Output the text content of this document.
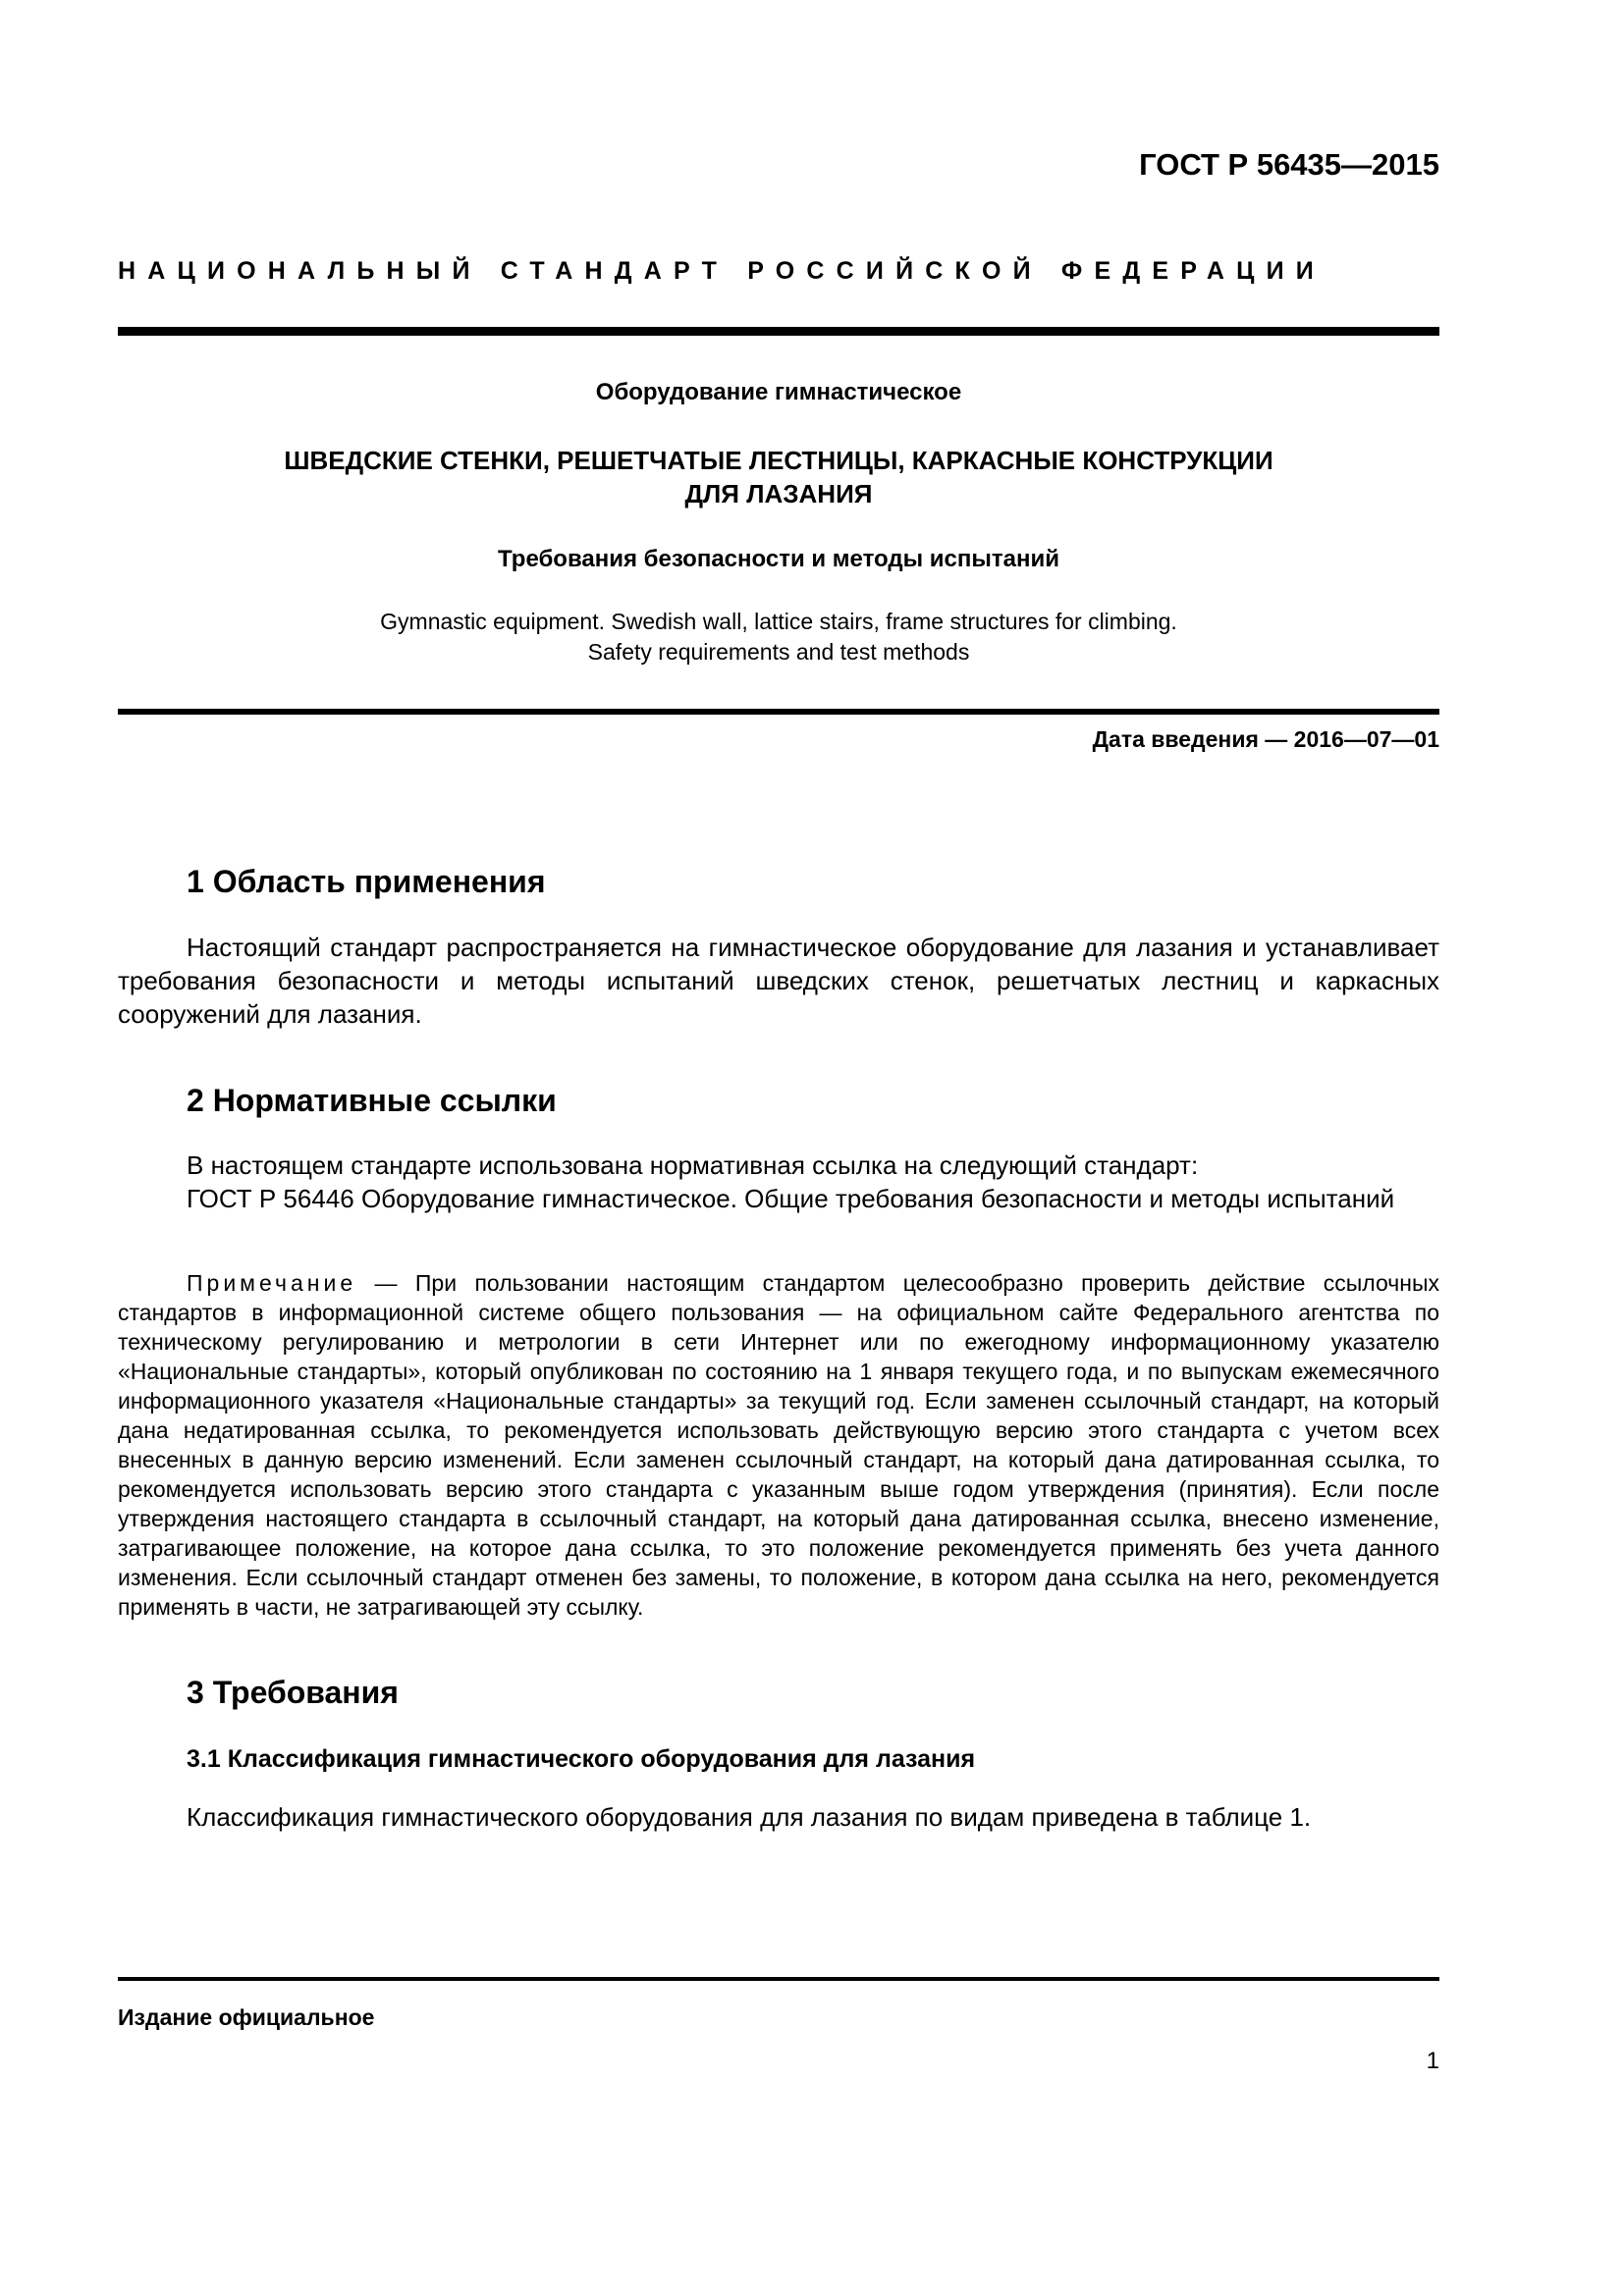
ГОСТ Р 56435—2015
НАЦИОНАЛЬНЫЙ СТАНДАРТ РОССИЙСКОЙ ФЕДЕРАЦИИ
Оборудование гимнастическое
ШВЕДСКИЕ СТЕНКИ, РЕШЕТЧАТЫЕ ЛЕСТНИЦЫ, КАРКАСНЫЕ КОНСТРУКЦИИ
ДЛЯ ЛАЗАНИЯ
Требования безопасности и методы испытаний
Gymnastic equipment. Swedish wall, lattice stairs, frame structures for climbing.
Safety requirements and test methods
Дата введения — 2016—07—01
1 Область применения
Настоящий стандарт распространяется на гимнастическое оборудование для лазания и устанавливает требования безопасности и методы испытаний шведских стенок, решетчатых лестниц и каркасных сооружений для лазания.
2 Нормативные ссылки
В настоящем стандарте использована нормативная ссылка на следующий стандарт:
ГОСТ Р 56446 Оборудование гимнастическое. Общие требования безопасности и методы испытаний
Примечание — При пользовании настоящим стандартом целесообразно проверить действие ссылочных стандартов в информационной системе общего пользования — на официальном сайте Федерального агентства по техническому регулированию и метрологии в сети Интернет или по ежегодному информационному указателю «Национальные стандарты», который опубликован по состоянию на 1 января текущего года, и по выпускам ежемесячного информационного указателя «Национальные стандарты» за текущий год. Если заменен ссылочный стандарт, на который дана недатированная ссылка, то рекомендуется использовать действующую версию этого стандарта с учетом всех внесенных в данную версию изменений. Если заменен ссылочный стандарт, на который дана датированная ссылка, то рекомендуется использовать версию этого стандарта с указанным выше годом утверждения (принятия). Если после утверждения настоящего стандарта в ссылочный стандарт, на который дана датированная ссылка, внесено изменение, затрагивающее положение, на которое дана ссылка, то это положение рекомендуется применять без учета данного изменения. Если ссылочный стандарт отменен без замены, то положение, в котором дана ссылка на него, рекомендуется применять в части, не затрагивающей эту ссылку.
3 Требования
3.1 Классификация гимнастического оборудования для лазания
Классификация гимнастического оборудования для лазания по видам приведена в таблице 1.
Издание официальное
1
